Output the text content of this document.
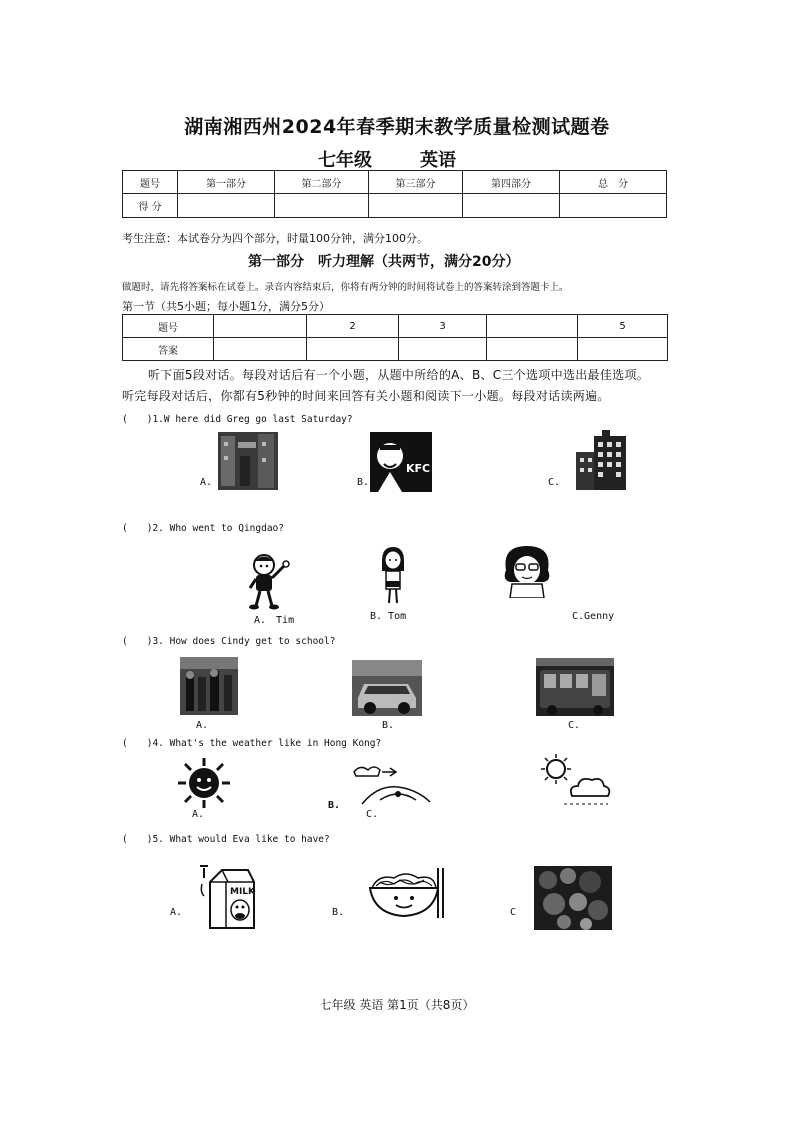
湖南湘西州2024年春季期末教学质量检测试题卷
七年级	英语
题号	第一部分	第二部分	第三部分	第四部分	总　分
得 分					
考生注意：本试卷分为四个部分，时量100分钟，满分100分。
第一部分　听力理解（共两节，满分20分）
做题时，请先将答案标在试卷上。录音内容结束后，你将有两分钟的时间将试卷上的答案转涂到答题卡上。
第一节（共5小题；每小题1分，满分5分）
题号		2	3		5
答案					
听下面5段对话。每段对话后有一个小题，从题中所给的A、B、C三个选项中选出最佳选项。
听完每段对话后，你都有5秒钟的时间来回答有关小题和阅读下一小题。每段对话读两遍。
(　　)1.W here did Greg go last Saturday?
A.	B.
KFC
C.
(　　)2. Who went to Qingdao?
A.　Tim	B. Tom	C.Genny
(　　)3. How does Cindy get to school?
A.	B.	C.
(　　)4. What's the weather like in Hong Kong?
A.
B.
C.
(　　)5. What would Eva like to have?
A.
MILK
B.	C
七年级 英语 第1页（共8页）
